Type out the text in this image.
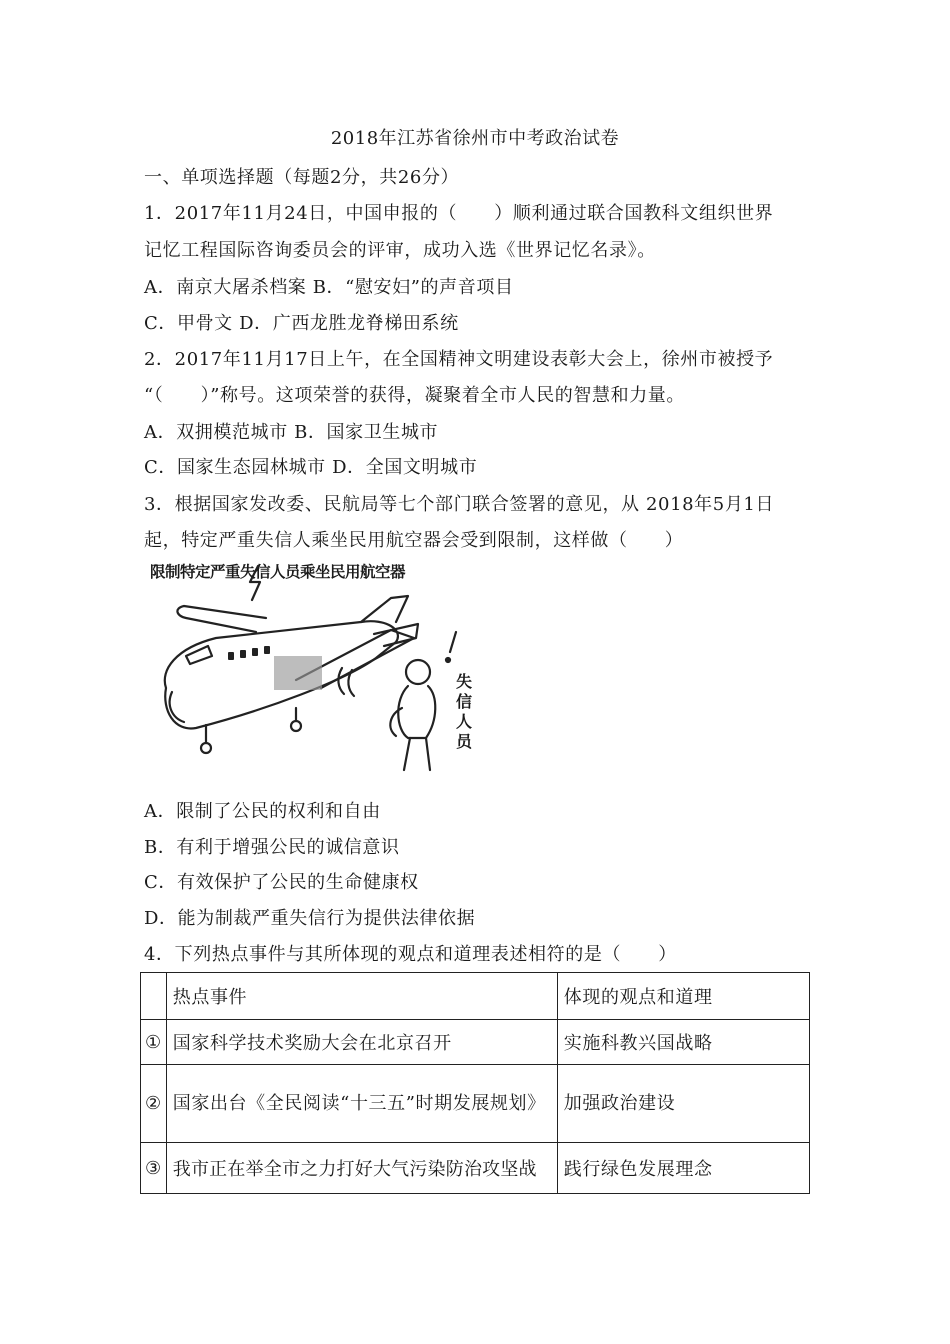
2018年江苏省徐州市中考政治试卷
一、单项选择题（每题2分，共26分）
1．2017年11月24日，中国申报的（　　）顺利通过联合国教科文组织世界
记忆工程国际咨询委员会的评审，成功入选《世界记忆名录》。
A．南京大屠杀档案 B．“慰安妇”的声音项目
C．甲骨文 D．广西龙胜龙脊梯田系统
2．2017年11月17日上午，在全国精神文明建设表彰大会上，徐州市被授予
“（　　）”称号。这项荣誉的获得，凝聚着全市人民的智慧和力量。
A．双拥模范城市 B．国家卫生城市
C．国家生态园林城市 D．全国文明城市
3．根据国家发改委、民航局等七个部门联合签署的意见，从 2018年5月1日
起，特定严重失信人乘坐民用航空器会受到限制，这样做（　　）
限制特定严重失信人员乘坐民用航空器
失
信
人
员
A．限制了公民的权利和自由
B．有利于增强公民的诚信意识
C．有效保护了公民的生命健康权
D．能为制裁严重失信行为提供法律依据
4．下列热点事件与其所体现的观点和道理表述相符的是（　　）
	热点事件	体现的观点和道理
①	国家科学技术奖励大会在北京召开	实施科教兴国战略
②	国家出台《全民阅读“十三五”时期发展规划》	加强政治建设
③	我市正在举全市之力打好大气污染防治攻坚战	践行绿色发展理念
